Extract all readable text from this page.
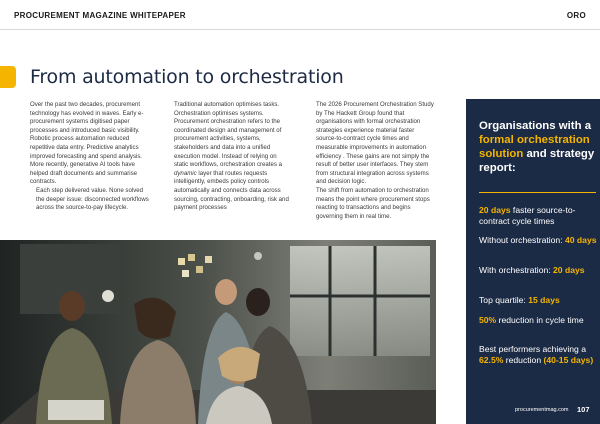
PROCUREMENT MAGAZINE WHITEPAPER	ORO
From automation to orchestration

Over the past two decades, procurement technology has evolved in waves. Early e-procurement systems digitised paper processes and introduced basic visibility. Robotic process automation reduced repetitive data entry. Predictive analytics improved forecasting and spend analysis. More recently, generative AI tools have helped draft documents and summarise contracts.

Each step delivered value. None solved the deeper issue: disconnected workflows across the source-to-pay lifecycle.

Traditional automation optimises tasks. Orchestration optimises systems.

Procurement orchestration refers to the coordinated design and management of procurement activities, systems, stakeholders and data into a unified execution model. Instead of relying on static workflows, orchestration creates a dynamic layer that routes requests intelligently, embeds policy controls automatically and connects data across sourcing, contracting, onboarding, risk and payment processes

The 2026 Procurement Orchestration Study by The Hackett Group found that organisations with formal orchestration strategies experience material faster source-to-contract cycle times and measurable improvements in automation efficiency . These gains are not simply the result of better user interfaces. They stem from structural integration across systems and decision logic.

The shift from automation to orchestration means the point where procurement stops reacting to transactions and begins governing them in real time.

Organisations with a formal orchestration solution and strategy report:
20 days faster source-to-contract cycle times
Without orchestration: 40 days
With orchestration: 20 days
Top quartile: 15 days
50% reduction in cycle time
Best performers achieving a 62.5% reduction (40-15 days)
procurementmag.com 107
